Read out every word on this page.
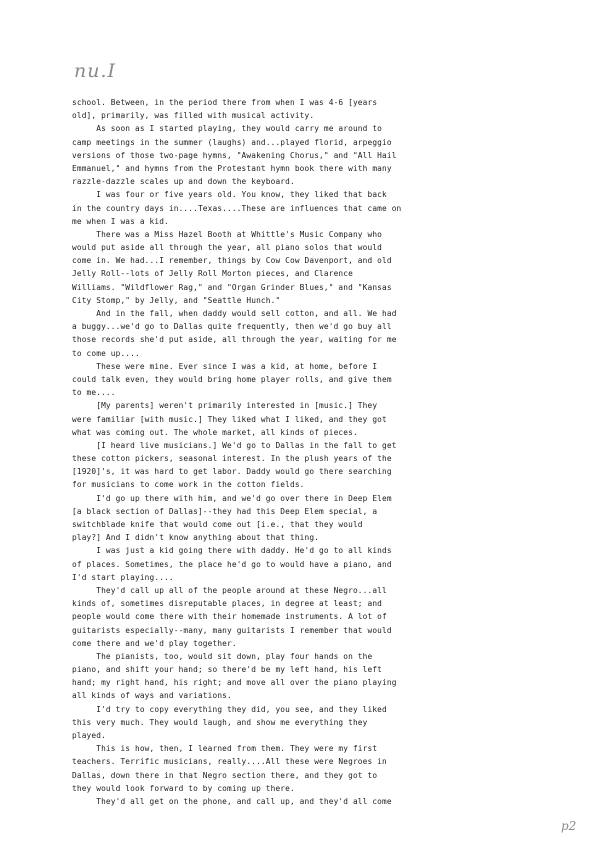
nu.I
school. Between, in the period there from when I was 4-6 [years
old], primarily, was filled with musical activity.
As soon as I started playing, they would carry me around to
camp meetings in the summer (laughs) and...played florid, arpeggio
versions of those two-page hymns, "Awakening Chorus," and "All Hail
Emmanuel," and hymns from the Protestant hymn book there with many
razzle-dazzle scales up and down the keyboard.
I was four or five years old. You know, they liked that back
in the country days in....Texas....These are influences that came on
me when I was a kid.
There was a Miss Hazel Booth at Whittle's Music Company who
would put aside all through the year, all piano solos that would
come in. We had...I remember, things by Cow Cow Davenport, and old
Jelly Roll--lots of Jelly Roll Morton pieces, and Clarence
Williams. "Wildflower Rag," and "Organ Grinder Blues," and "Kansas
City Stomp," by Jelly, and "Seattle Hunch."
And in the fall, when daddy would sell cotton, and all. We had
a buggy...we'd go to Dallas quite frequently, then we'd go buy all
those records she'd put aside, all through the year, waiting for me
to come up....
These were mine. Ever since I was a kid, at home, before I
could talk even, they would bring home player rolls, and give them
to me....
[My parents] weren't primarily interested in [music.] They
were familiar [with music.] They liked what I liked, and they got
what was coming out. The whole market, all kinds of pieces.
[I heard live musicians.] We'd go to Dallas in the fall to get
these cotton pickers, seasonal interest. In the plush years of the
[1920]'s, it was hard to get labor. Daddy would go there searching
for musicians to come work in the cotton fields.
I'd go up there with him, and we'd go over there in Deep Elem
[a black section of Dallas]--they had this Deep Elem special, a
switchblade knife that would come out [i.e., that they would
play?] And I didn't know anything about that thing.
I was just a kid going there with daddy. He'd go to all kinds
of places. Sometimes, the place he'd go to would have a piano, and
I'd start playing....
They'd call up all of the people around at these Negro...all
kinds of, sometimes disreputable places, in degree at least; and
people would come there with their homemade instruments. A lot of
guitarists especially--many, many guitarists I remember that would
come there and we'd play together.
The pianists, too, would sit down, play four hands on the
piano, and shift your hand; so there'd be my left hand, his left
hand; my right hand, his right; and move all over the piano playing
all kinds of ways and variations.
I'd try to copy everything they did, you see, and they liked
this very much. They would laugh, and show me everything they
played.
This is how, then, I learned from them. They were my first
teachers. Terrific musicians, really....All these were Negroes in
Dallas, down there in that Negro section there, and they got to
they would look forward to by coming up there.
They'd all get on the phone, and call up, and they'd all come
p2
